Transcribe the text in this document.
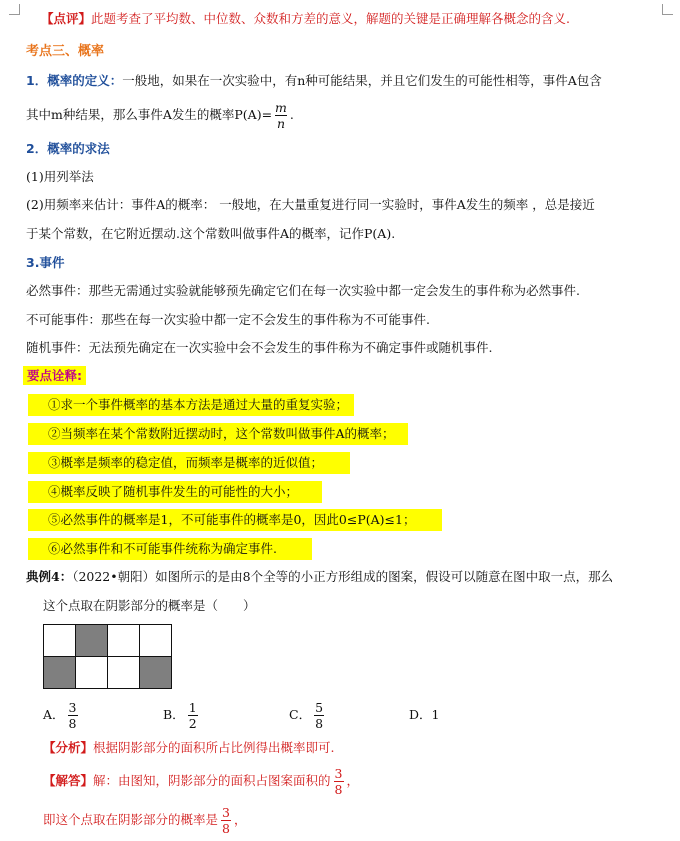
【点评】此题考查了平均数、中位数、众数和方差的意义，解题的关键是正确理解各概念的含义.
考点三、概率
1．概率的定义：一般地，如果在一次实验中，有n种可能结果，并且它们发生的可能性相等，事件A包含
其中m种结果，那么事件A发生的概率$P(A)= \frac{m}{n}$ .
2．概率的求法
(1)用列举法
(2)用频率来估计：事件A的概率： 一般地，在大量重复进行同一实验时，事件A发生的频率 ，总是接近
于某个常数，在它附近摆动.这个常数叫做事件A的概率，记作P(A).
3.事件
必然事件：那些无需通过实验就能够预先确定它们在每一次实验中都一定会发生的事件称为必然事件.
不可能事件：那些在每一次实验中都一定不会发生的事件称为不可能事件.
随机事件：无法预先确定在一次实验中会不会发生的事件称为不确定事件或随机事件.
要点诠释:
①求一个事件概率的基本方法是通过大量的重复实验；
②当频率在某个常数附近摆动时，这个常数叫做事件A的概率；
③概率是频率的稳定值，而频率是概率的近似值；
④概率反映了随机事件发生的可能性的大小；
⑤必然事件的概率是1，不可能事件的概率是0，因此0≤P(A)≤1；
⑥必然事件和不可能事件统称为确定事件.
典例4：（2022•朝阳）如图所示的是由8个全等的小正方形组成的图案，假设可以随意在图中取一点，那么
这个点取在阴影部分的概率是（　　）

A． $\frac{3}{8}$	B． $\frac{1}{2}$	C． $\frac{5}{8}$	D．1
【分析】根据阴影部分的面积所占比例得出概率即可.
【解答】解：由图知，阴影部分的面积占图案面积的 $\frac{3}{8}$ ，
即这个点取在阴影部分的概率是 $\frac{3}{8}$ ，
